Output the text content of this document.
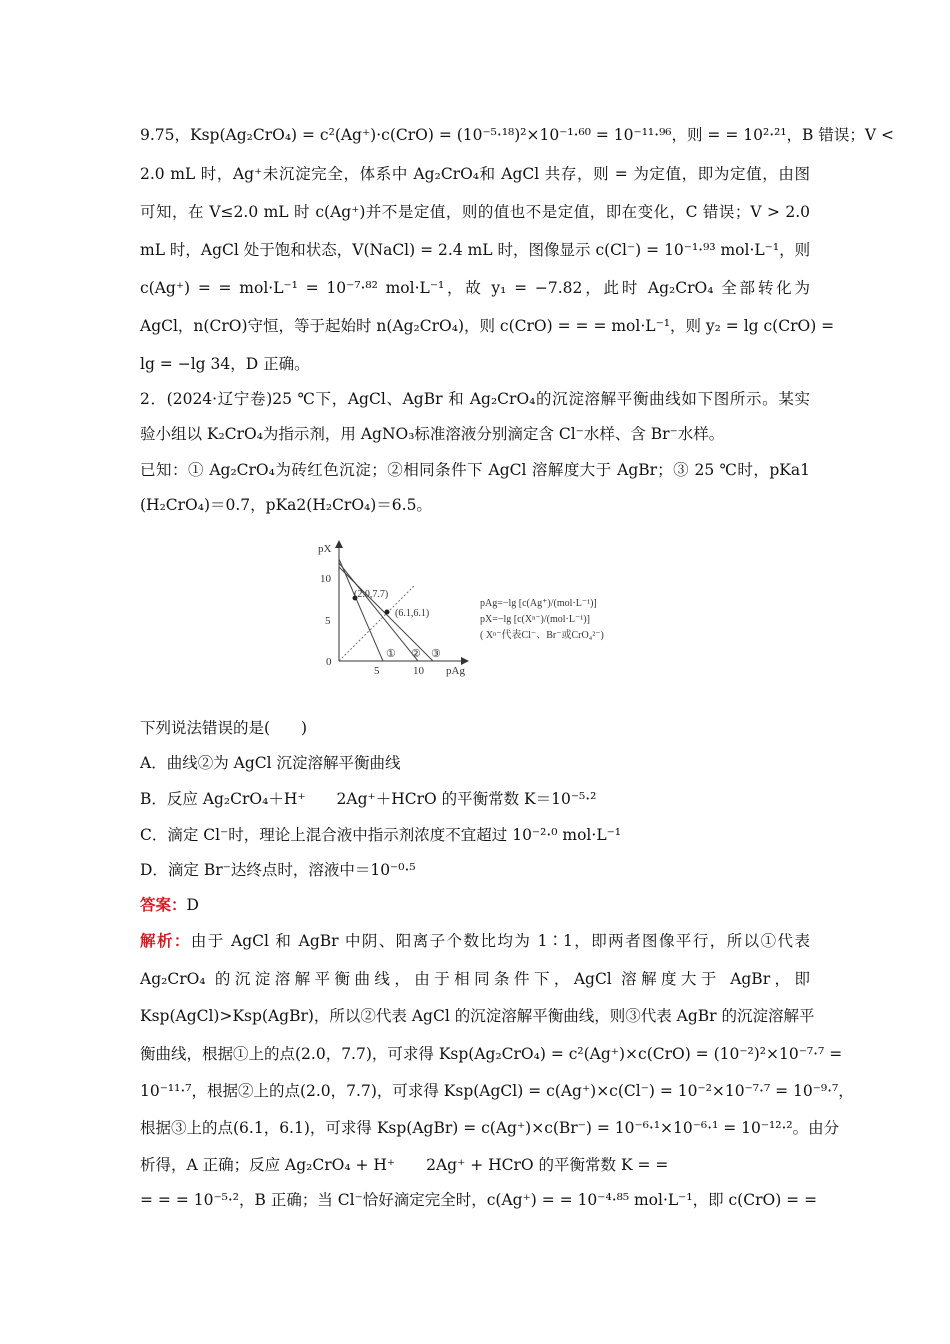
9.75，Ksp(Ag₂CrO₄) = c²(Ag⁺)·c(CrO) = (10⁻⁵·¹⁸)²×10⁻¹·⁶⁰ = 10⁻¹¹·⁹⁶，则 = = 10²·²¹，B 错误；V <
2.0 mL 时，Ag⁺未沉淀完全，体系中 Ag₂CrO₄和 AgCl 共存，则 = 为定值，即为定值，由图
可知，在 V≤2.0 mL 时 c(Ag⁺)并不是定值，则的值也不是定值，即在变化，C 错误；V > 2.0
mL 时，AgCl 处于饱和状态，V(NaCl) = 2.4 mL 时，图像显示 c(Cl⁻) = 10⁻¹·⁹³ mol·L⁻¹，则
c(Ag⁺) = = mol·L⁻¹ = 10⁻⁷·⁸² mol·L⁻¹，故 y₁ = −7.82，此时 Ag₂CrO₄ 全部转化为
AgCl，n(CrO)守恒，等于起始时 n(Ag₂CrO₄)，则 c(CrO) = = = mol·L⁻¹，则 y₂ = lg c(CrO) =
lg = −lg 34，D 正确。
2．(2024·辽宁卷)25 ℃下，AgCl、AgBr 和 Ag₂CrO₄的沉淀溶解平衡曲线如下图所示。某实
验小组以 K₂CrO₄为指示剂，用 AgNO₃标准溶液分别滴定含 Cl⁻水样、含 Br⁻水样。
已知：① Ag₂CrO₄为砖红色沉淀；②相同条件下 AgCl 溶解度大于 AgBr；③ 25 ℃时，pKa1
(H₂CrO₄)＝0.7，pKa2(H₂CrO₄)＝6.5。
pX
pAg
10
5
0
5	10
(2.0,7.7)
(6.1,6.1)
① ② ③
pAg=−lg [c(Ag⁺)/(mol·L⁻¹)]
pX=−lg [c(Xⁿ⁻)/(mol·L⁻¹)]
( Xⁿ⁻代表Cl⁻、Br⁻或CrO₄²⁻)
下列说法错误的是(　　)
A．曲线②为 AgCl 沉淀溶解平衡曲线
B．反应 Ag₂CrO₄＋H⁺　　2Ag⁺＋HCrO 的平衡常数 K＝10⁻⁵·²
C．滴定 Cl⁻时，理论上混合液中指示剂浓度不宜超过 10⁻²·⁰ mol·L⁻¹
D．滴定 Br⁻达终点时，溶液中＝10⁻⁰·⁵
答案：D
解析：由于 AgCl 和 AgBr 中阴、阳离子个数比均为 1∶1，即两者图像平行，所以①代表
Ag₂CrO₄ 的沉淀溶解平衡曲线，由于相同条件下，AgCl 溶解度大于 AgBr，即
Ksp(AgCl)>Ksp(AgBr)，所以②代表 AgCl 的沉淀溶解平衡曲线，则③代表 AgBr 的沉淀溶解平
衡曲线，根据①上的点(2.0，7.7)，可求得 Ksp(Ag₂CrO₄) = c²(Ag⁺)×c(CrO) = (10⁻²)²×10⁻⁷·⁷ =
10⁻¹¹·⁷，根据②上的点(2.0，7.7)，可求得 Ksp(AgCl) = c(Ag⁺)×c(Cl⁻) = 10⁻²×10⁻⁷·⁷ = 10⁻⁹·⁷，
根据③上的点(6.1，6.1)，可求得 Ksp(AgBr) = c(Ag⁺)×c(Br⁻) = 10⁻⁶·¹×10⁻⁶·¹ = 10⁻¹²·²。由分
析得，A 正确；反应 Ag₂CrO₄ + H⁺　　2Ag⁺ + HCrO 的平衡常数 K = =
= = = 10⁻⁵·²，B 正确；当 Cl⁻恰好滴定完全时，c(Ag⁺) = = 10⁻⁴·⁸⁵ mol·L⁻¹，即 c(CrO) = =
